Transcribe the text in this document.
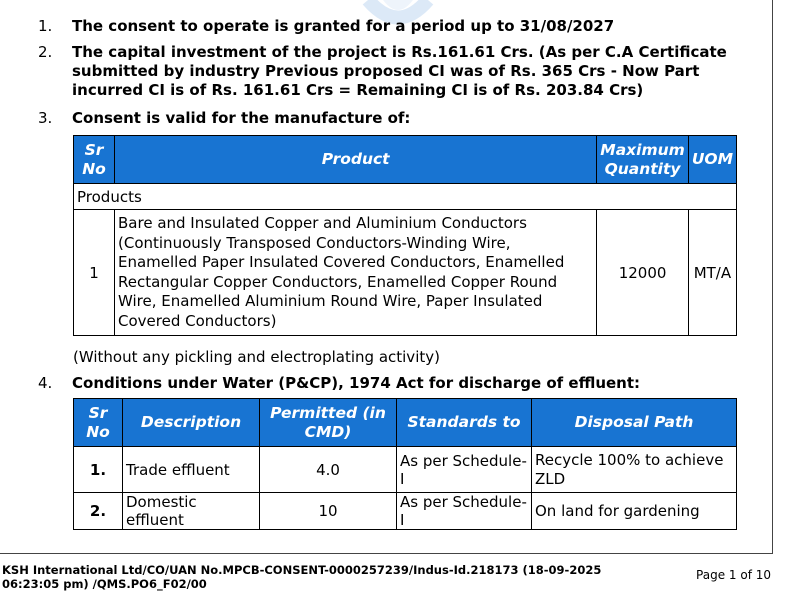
1. The consent to operate is granted for a period up to 31/08/2027
2. The capital investment of the project is Rs.161.61 Crs. (As per C.A Certificate submitted by industry Previous proposed CI was of Rs. 365 Crs - Now Part incurred CI is of Rs. 161.61 Crs = Remaining CI is of Rs. 203.84 Crs)
3. Consent is valid for the manufacture of:
Sr No	Product	Maximum Quantity	UOM
Products			
1	Bare and Insulated Copper and Aluminium Conductors (Continuously Transposed Conductors-Winding Wire, Enamelled Paper Insulated Covered Conductors, Enamelled Rectangular Copper Conductors, Enamelled Copper Round Wire, Enamelled Aluminium Round Wire, Paper Insulated Covered Conductors)	12000	MT/A
(Without any pickling and electroplating activity)
4. Conditions under Water (P&CP), 1974 Act for discharge of effluent:
Sr No	Description	Permitted (in CMD)	Standards to	Disposal Path
1.	Trade effluent	4.0	As per Schedule-I	Recycle 100% to achieve ZLD
2.	Domestic effluent	10	As per Schedule-I	On land for gardening
KSH International Ltd/CO/UAN No.MPCB-CONSENT-0000257239/Indus-Id.218173 (18-09-2025 06:23:05 pm) /QMS.PO6_F02/00
Page 1 of 10
